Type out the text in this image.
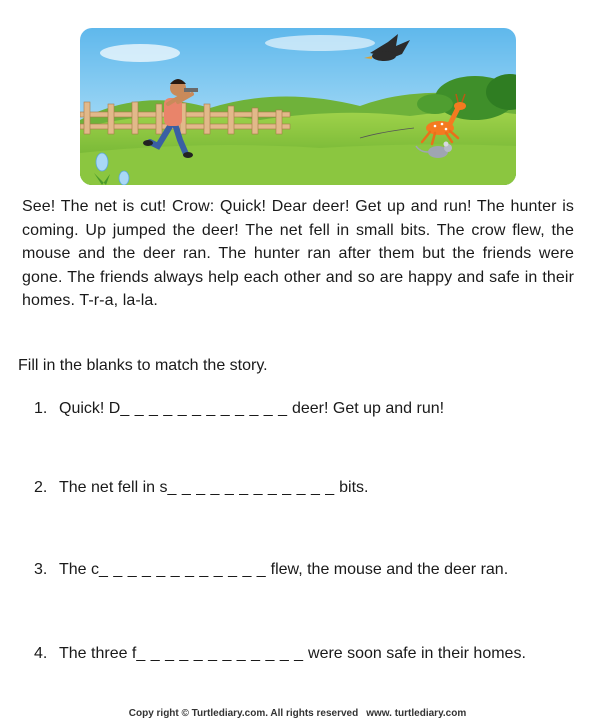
See! The net is cut! Crow: Quick! Dear deer! Get up and run! The hunter is coming. Up jumped the deer! The net fell in small bits. The crow flew, the mouse and the deer ran. The hunter ran after them but the friends were gone. The friends always help each other and so are happy and safe in their homes. T-r-a, la-la.

Fill in the blanks to match the story.

1. Quick! D_ _ _ _ _ _ _ _ _ _ _ _ deer! Get up and run!

2. The net fell in s_ _ _ _ _ _ _ _ _ _ _ _ bits.

3. The c_ _ _ _ _ _ _ _ _ _ _ _ flew, the mouse and the deer ran.

4. The three f_ _ _ _ _ _ _ _ _ _ _ _ were soon safe in their homes.

Copy right © Turtlediary.com. All rights reserved www. turtlediary.com
